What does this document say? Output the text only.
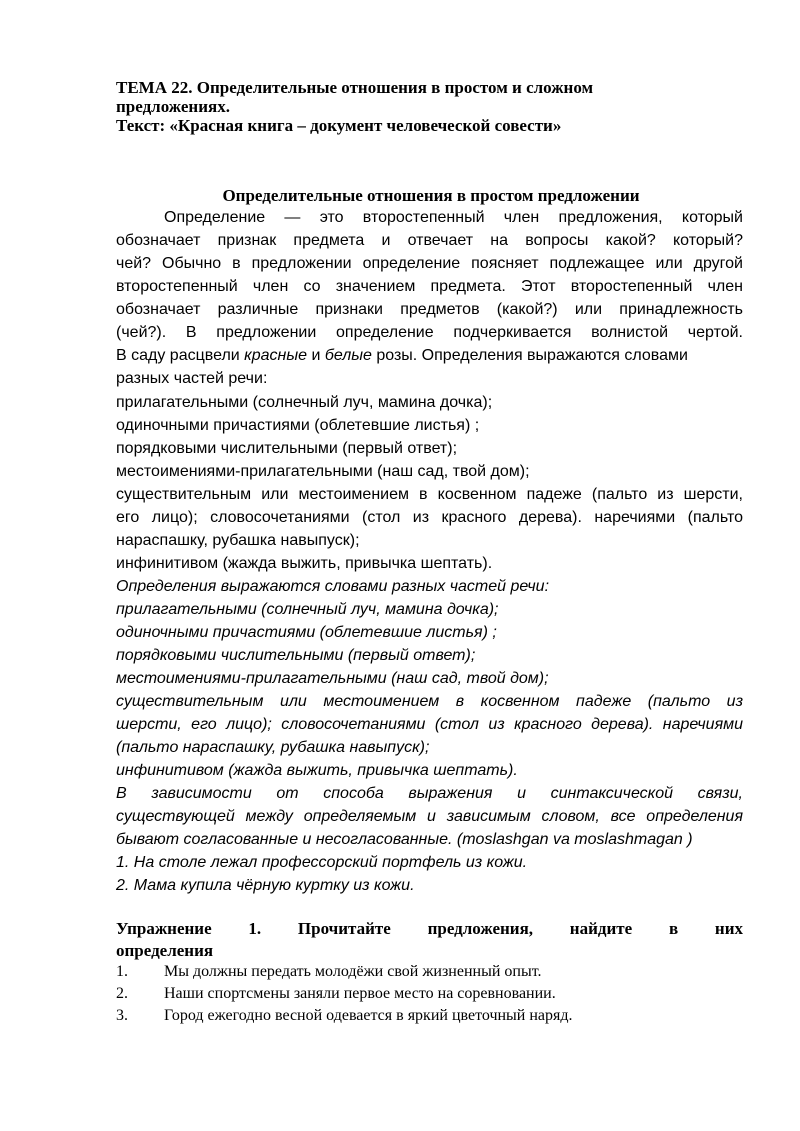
ТЕМА 22. Определительные отношения в простом и сложном
предложениях.
Текст: «Красная книга – документ человеческой совести»
Определительные отношения в простом предложении
Определение — это второстепенный член предложения, который
обозначает признак предмета и отвечает на вопросы какой? который?
чей? Обычно в предложении определение поясняет подлежащее или другой
второстепенный член со значением предмета. Этот второстепенный член
обозначает различные признаки предметов (какой?) или принадлежность
(чей?). В предложении определение подчеркивается волнистой чертой.
В саду расцвели красные и белые розы. Определения выражаются словами
разных частей речи:
прилагательными (солнечный луч, мамина дочка);
одиночными причастиями (облетевшие листья) ;
порядковыми числительными (первый ответ);
местоимениями-прилагательными (наш сад, твой дом);
существительным или местоимением в косвенном падеже (пальто из шерсти,
его лицо); словосочетаниями (стол из красного дерева). наречиями (пальто
нараспашку, рубашка навыпуск);
инфинитивом (жажда выжить, привычка шептать).
Определения выражаются словами разных частей речи:
прилагательными (солнечный луч, мамина дочка);
одиночными причастиями (облетевшие листья) ;
порядковыми числительными (первый ответ);
местоимениями-прилагательными (наш сад, твой дом);
существительным или местоимением в косвенном падеже (пальто из
шерсти, его лицо); словосочетаниями (стол из красного дерева). наречиями
(пальто нараспашку, рубашка навыпуск);
инфинитивом (жажда выжить, привычка шептать).
В зависимости от способа выражения и синтаксической связи,
существующей между определяемым и зависимым словом, все определения
бывают согласованные и несогласованные. (moslashgan va moslashmagan )
1. На столе лежал профессорский портфель из кожи.
2. Мама купила чёрную куртку из кожи.
Упражнение 1. Прочитайте предложения, найдите в них
определения
1. Мы должны передать молодёжи свой жизненный опыт.
2. Наши спортсмены заняли первое место на соревновании.
3. Город ежегодно весной одевается в яркий цветочный наряд.
